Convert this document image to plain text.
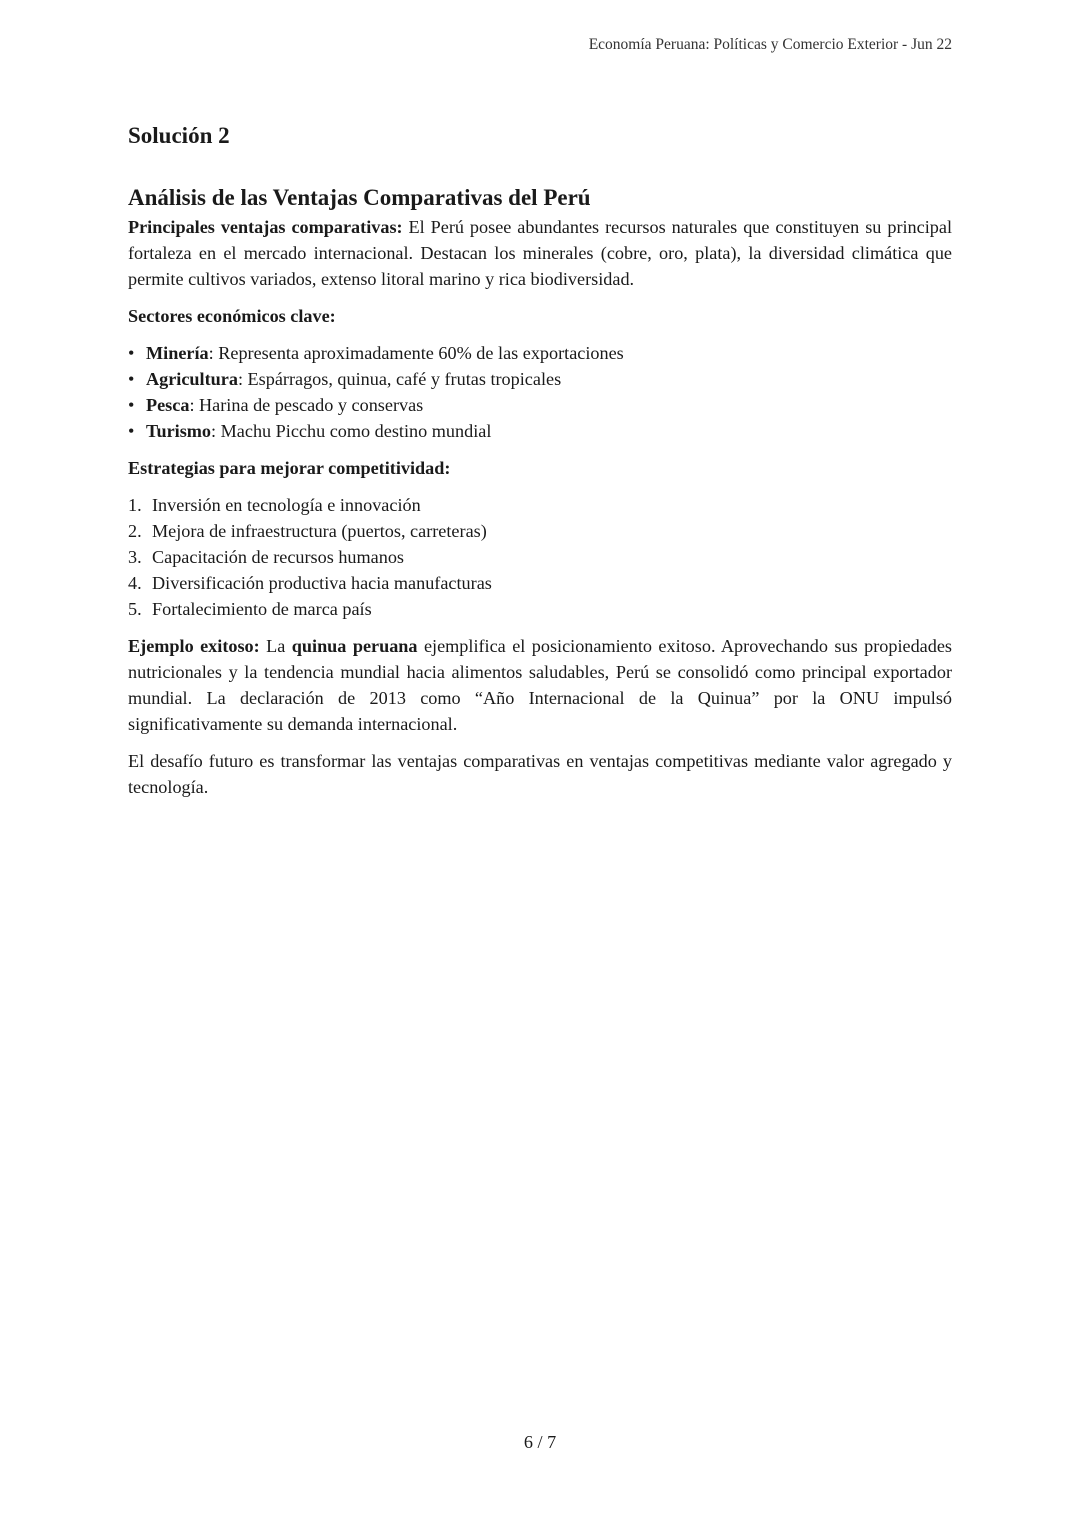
Economía Peruana: Políticas y Comercio Exterior - Jun 22
Solución 2
Análisis de las Ventajas Comparativas del Perú

Principales ventajas comparativas: El Perú posee abundantes recursos naturales que constituyen su principal fortaleza en el mercado internacional. Destacan los minerales (cobre, oro, plata), la diversidad climática que permite cultivos variados, extenso litoral marino y rica biodiversidad.

Sectores económicos clave:
• Minería: Representa aproximadamente 60% de las exportaciones
• Agricultura: Espárragos, quinua, café y frutas tropicales
• Pesca: Harina de pescado y conservas
• Turismo: Machu Picchu como destino mundial
Estrategias para mejorar competitividad:
1. Inversión en tecnología e innovación
2. Mejora de infraestructura (puertos, carreteras)
3. Capacitación de recursos humanos
4. Diversificación productiva hacia manufacturas
5. Fortalecimiento de marca país

Ejemplo exitoso: La quinua peruana ejemplifica el posicionamiento exitoso. Aprovechando sus propiedades nutricionales y la tendencia mundial hacia alimentos saludables, Perú se consolidó como principal exportador mundial. La declaración de 2013 como “Año Internacional de la Quinua” por la ONU impulsó significativamente su demanda internacional.

El desafío futuro es transformar las ventajas comparativas en ventajas competitivas mediante valor agregado y tecnología.

6 / 7
